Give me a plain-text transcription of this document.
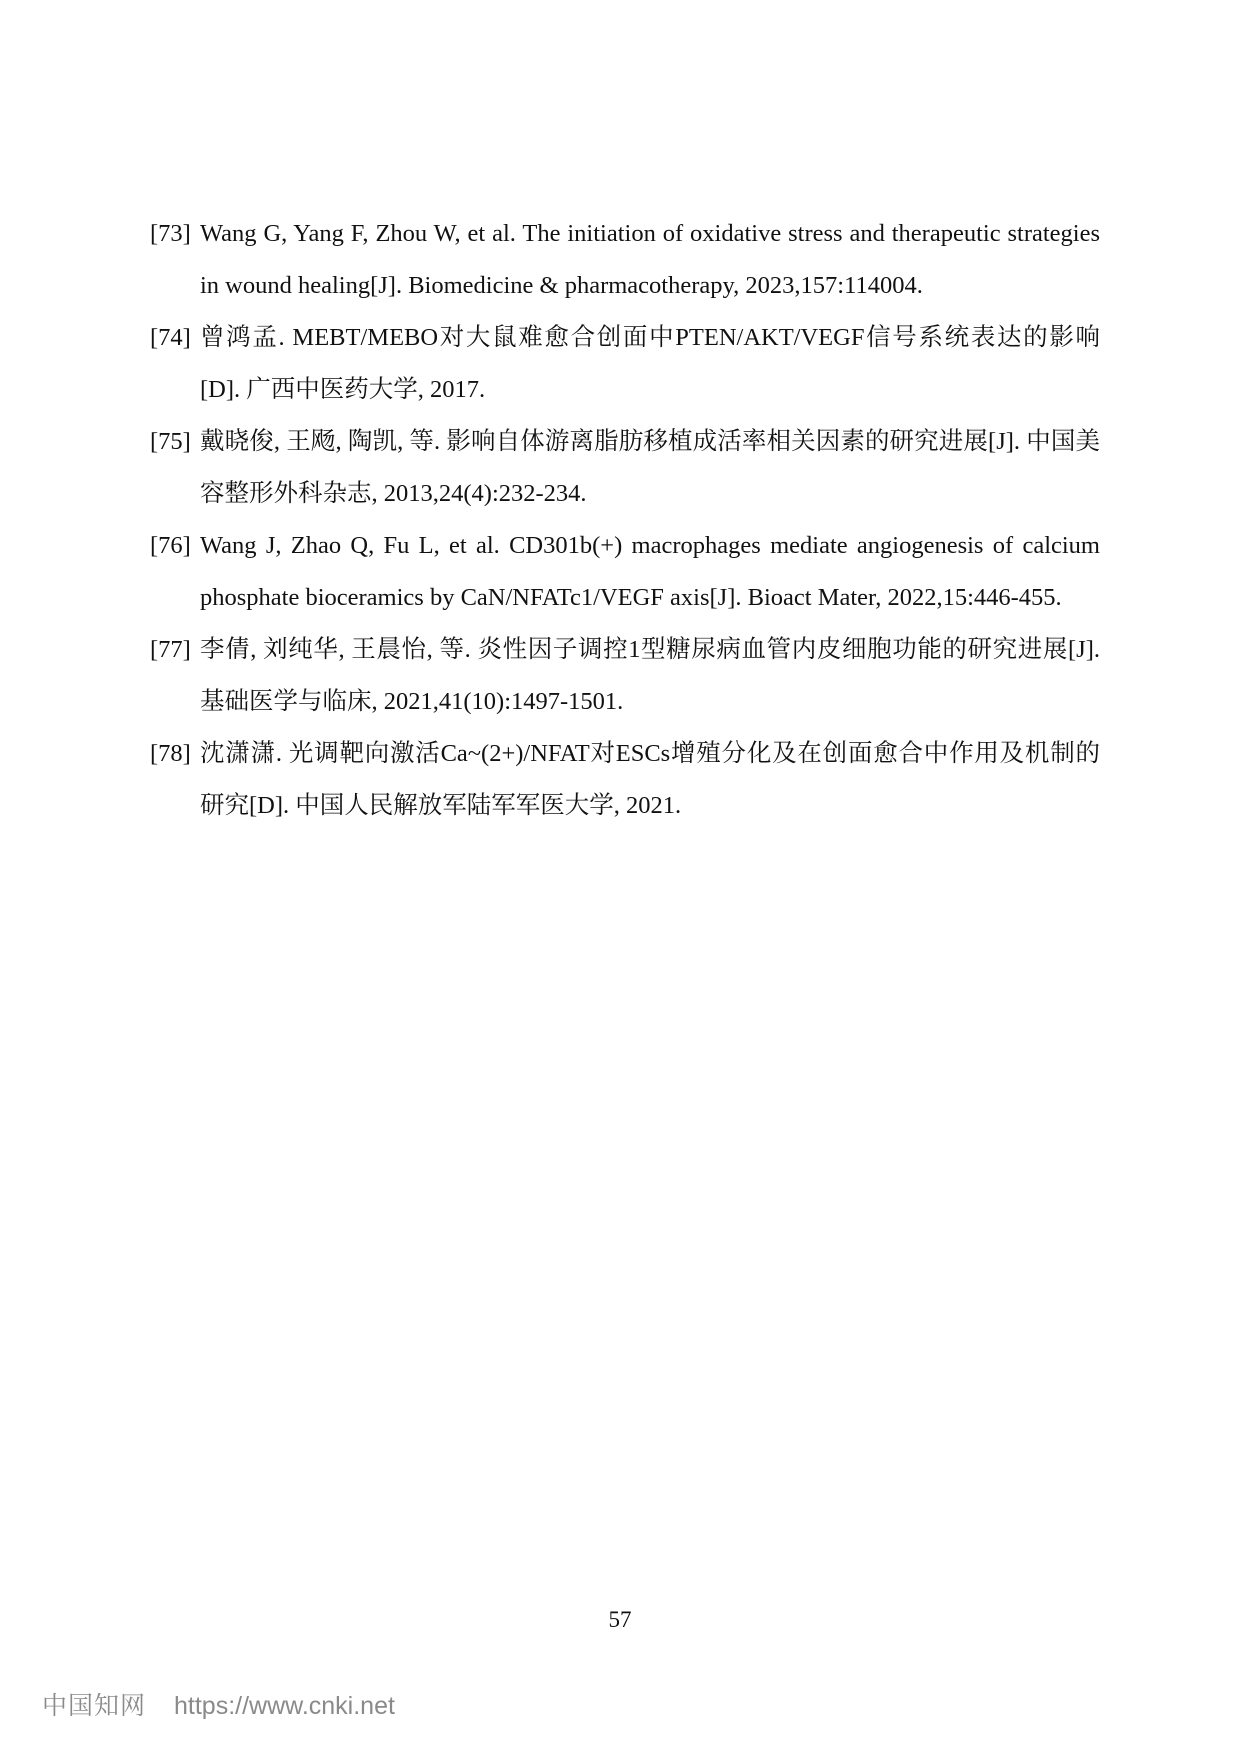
[73] Wang G, Yang F, Zhou W, et al. The initiation of oxidative stress and therapeutic strategies in wound healing[J]. Biomedicine & pharmacotherapy, 2023,157:114004.
[74] 曾鸿孟. MEBT/MEBO对大鼠难愈合创面中PTEN/AKT/VEGF信号系统表达的影响[D]. 广西中医药大学, 2017.
[75] 戴晓俊, 王飏, 陶凯, 等. 影响自体游离脂肪移植成活率相关因素的研究进展[J]. 中国美容整形外科杂志, 2013,24(4):232-234.
[76] Wang J, Zhao Q, Fu L, et al. CD301b(+) macrophages mediate angiogenesis of calcium phosphate bioceramics by CaN/NFATc1/VEGF axis[J]. Bioact Mater, 2022,15:446-455.
[77] 李倩, 刘纯华, 王晨怡, 等. 炎性因子调控1型糖尿病血管内皮细胞功能的研究进展[J]. 基础医学与临床, 2021,41(10):1497-1501.
[78] 沈潇潇. 光调靶向激活Ca~(2+)/NFAT对ESCs增殖分化及在创面愈合中作用及机制的研究[D]. 中国人民解放军陆军军医大学, 2021.
57
中国知网 https://www.cnki.net
